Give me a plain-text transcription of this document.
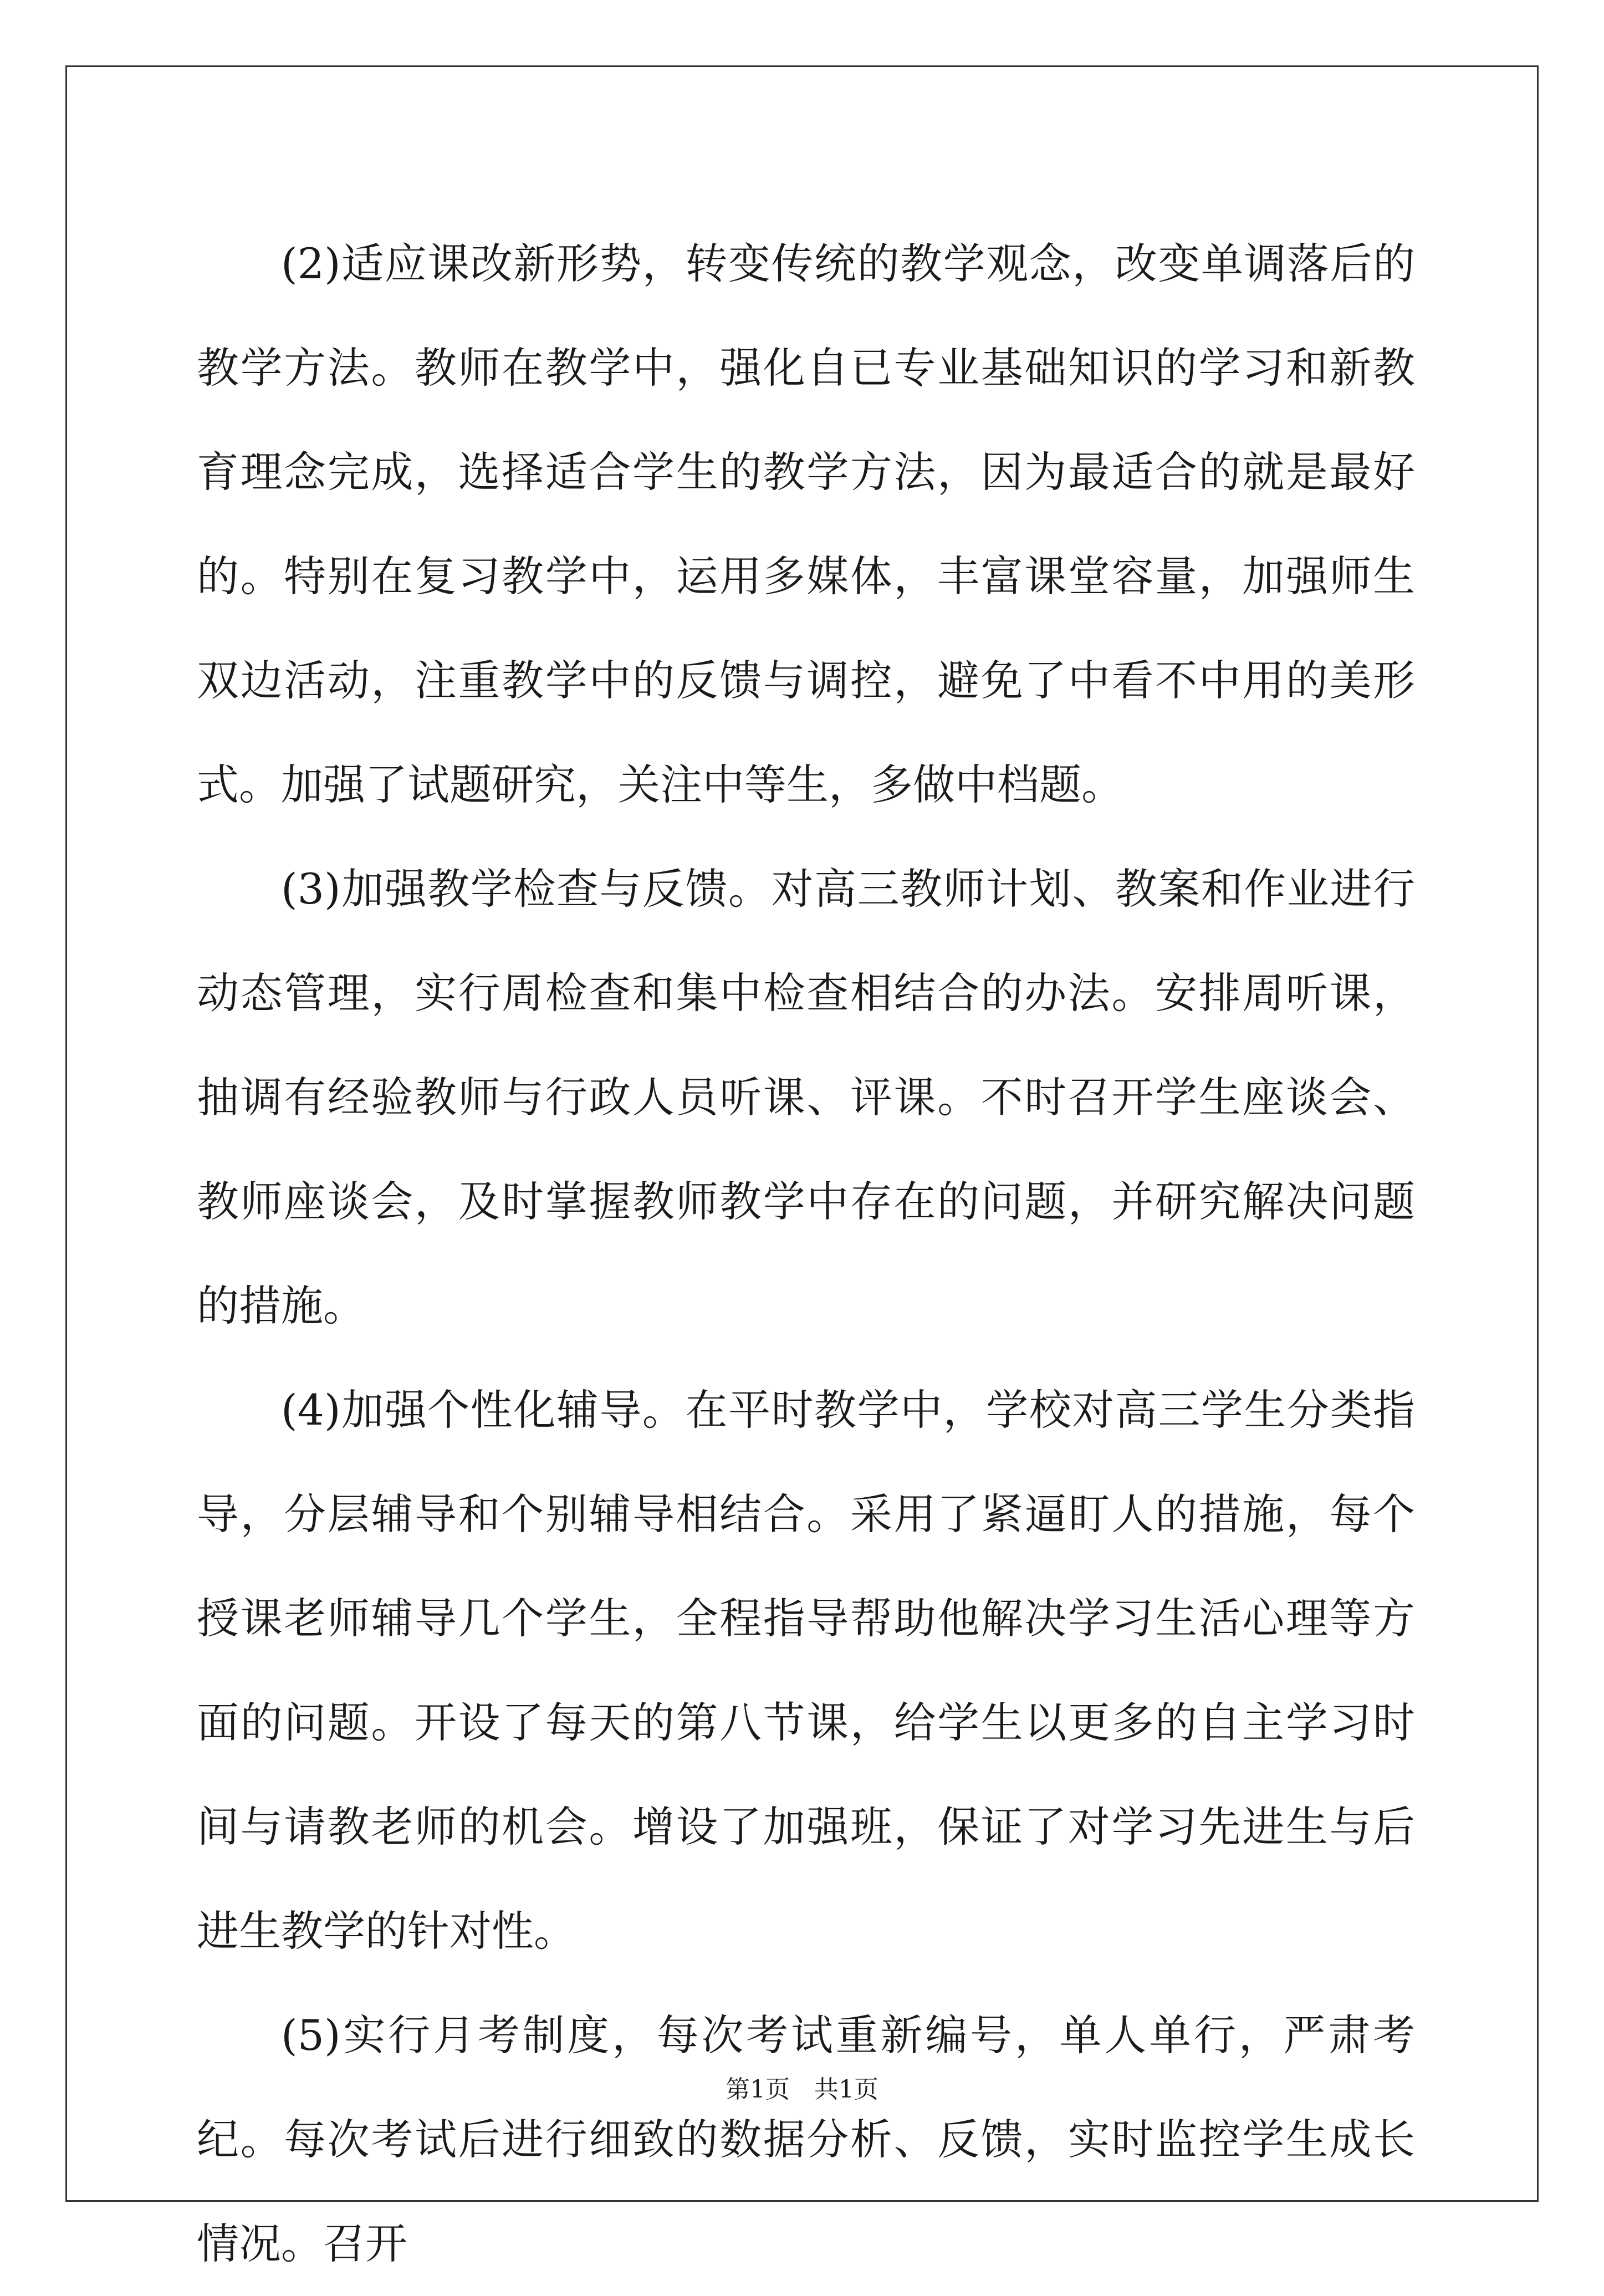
(2)适应课改新形势，转变传统的教学观念，改变单调落后的教学方法。教师在教学中，强化自已专业基础知识的学习和新教育理念完成，选择适合学生的教学方法，因为最适合的就是最好的。特别在复习教学中，运用多媒体，丰富课堂容量，加强师生双边活动，注重教学中的反馈与调控，避免了中看不中用的美形式。加强了试题研究，关注中等生，多做中档题。

(3)加强教学检查与反馈。对高三教师计划、教案和作业进行动态管理，实行周检查和集中检查相结合的办法。安排周听课，抽调有经验教师与行政人员听课、评课。不时召开学生座谈会、教师座谈会，及时掌握教师教学中存在的问题，并研究解决问题的措施。

(4)加强个性化辅导。在平时教学中，学校对高三学生分类指导，分层辅导和个别辅导相结合。采用了紧逼盯人的措施，每个授课老师辅导几个学生，全程指导帮助他解决学习生活心理等方面的问题。开设了每天的第八节课，给学生以更多的自主学习时间与请教老师的机会。增设了加强班，保证了对学习先进生与后进生教学的针对性。

(5)实行月考制度，每次考试重新编号，单人单行，严肃考纪。每次考试后进行细致的数据分析、反馈，实时监控学生成长情况。召开

第1页　共1页
